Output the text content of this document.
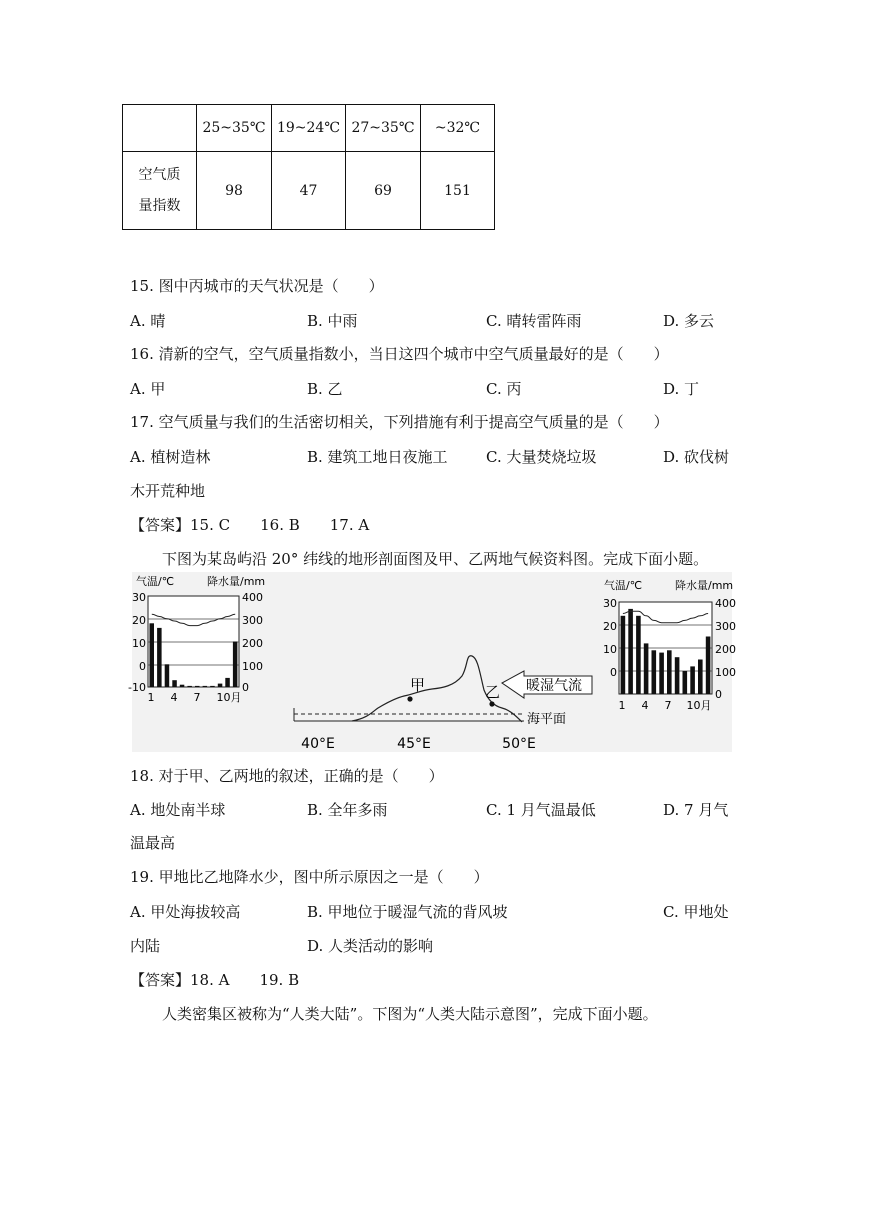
	25~35℃	19~24℃	27~35℃	~32℃

空气质
量指数	98	47	69	151
15. 图中丙城市的天气状况是（　　）
A. 晴	B. 中雨	C. 晴转雷阵雨	D. 多云
16. 清新的空气，空气质量指数小，当日这四个城市中空气质量最好的是（　　）
A. 甲	B. 乙	C. 丙	D. 丁
17. 空气质量与我们的生活密切相关，下列措施有利于提高空气质量的是（　　）
A. 植树造林	B. 建筑工地日夜施工	C. 大量焚烧垃圾	D. 砍伐树
木开荒种地
【答案】15. C　　16. B　　17. A
下图为某岛屿沿 20° 纬线的地形剖面图及甲、乙两地气候资料图。完成下面小题。
气温/℃	降水量/mm
30
20
10
0
-10
400
300
200
100
0
1 4 7 10月
气温/℃	降水量/mm
30
20
10
0
400
300
200
100
0
1 4 7 10月
甲	乙 暖湿气流
海平面
40°E	45°E	50°E
18. 对于甲、乙两地的叙述，正确的是（　　）
A. 地处南半球	B. 全年多雨	C. 1 月气温最低	D. 7 月气
温最高
19. 甲地比乙地降水少，图中所示原因之一是（　　）
A. 甲处海拔较高	B. 甲地位于暖湿气流的背风坡	C. 甲地处
内陆	D. 人类活动的影响
【答案】18. A　　19. B
人类密集区被称为“人类大陆”。下图为“人类大陆示意图”，完成下面小题。
